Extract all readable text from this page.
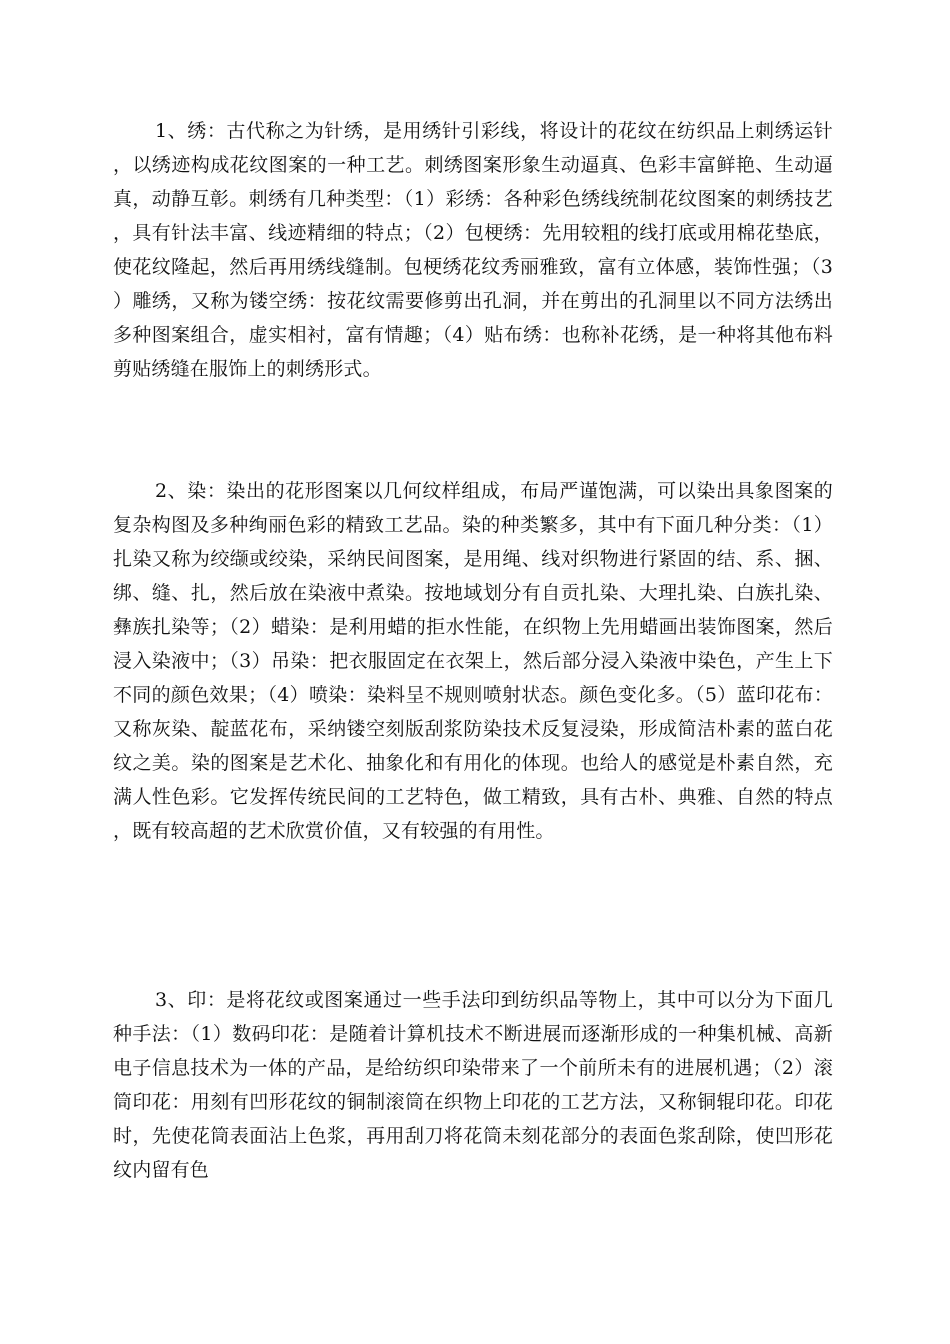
1、绣：古代称之为针绣，是用绣针引彩线，将设计的花纹在纺织品上刺绣运针，以绣迹构成花纹图案的一种工艺。刺绣图案形象生动逼真、色彩丰富鲜艳、生动逼真，动静互彰。刺绣有几种类型：（1）彩绣：各种彩色绣线统制花纹图案的刺绣技艺，具有针法丰富、线迹精细的特点；（2）包梗绣：先用较粗的线打底或用棉花垫底，使花纹隆起，然后再用绣线缝制。包梗绣花纹秀丽雅致，富有立体感，装饰性强；（3）雕绣，又称为镂空绣：按花纹需要修剪出孔洞，并在剪出的孔洞里以不同方法绣出多种图案组合，虚实相衬，富有情趣；（4）贴布绣：也称补花绣，是一种将其他布料剪贴绣缝在服饰上的刺绣形式。

2、染：染出的花形图案以几何纹样组成，布局严谨饱满，可以染出具象图案的复杂构图及多种绚丽色彩的精致工艺品。染的种类繁多，其中有下面几种分类：（1）扎染又称为绞缬或绞染，采纳民间图案，是用绳、线对织物进行紧固的结、系、捆、绑、缝、扎，然后放在染液中煮染。按地域划分有自贡扎染、大理扎染、白族扎染、彝族扎染等；（2）蜡染：是利用蜡的拒水性能，在织物上先用蜡画出装饰图案，然后浸入染液中；（3）吊染：把衣服固定在衣架上，然后部分浸入染液中染色，产生上下不同的颜色效果；（4）喷染：染料呈不规则喷射状态。颜色变化多。（5）蓝印花布：又称灰染、靛蓝花布，采纳镂空刻版刮浆防染技术反复浸染，形成简洁朴素的蓝白花纹之美。染的图案是艺术化、抽象化和有用化的体现。也给人的感觉是朴素自然，充满人性色彩。它发挥传统民间的工艺特色，做工精致，具有古朴、典雅、自然的特点，既有较高超的艺术欣赏价值，又有较强的有用性。

3、印：是将花纹或图案通过一些手法印到纺织品等物上，其中可以分为下面几种手法：（1）数码印花：是随着计算机技术不断进展而逐渐形成的一种集机械、高新电子信息技术为一体的产品，是给纺织印染带来了一个前所未有的进展机遇；（2）滚筒印花：用刻有凹形花纹的铜制滚筒在织物上印花的工艺方法，又称铜辊印花。印花时，先使花筒表面沾上色浆，再用刮刀将花筒未刻花部分的表面色浆刮除，使凹形花纹内留有色
